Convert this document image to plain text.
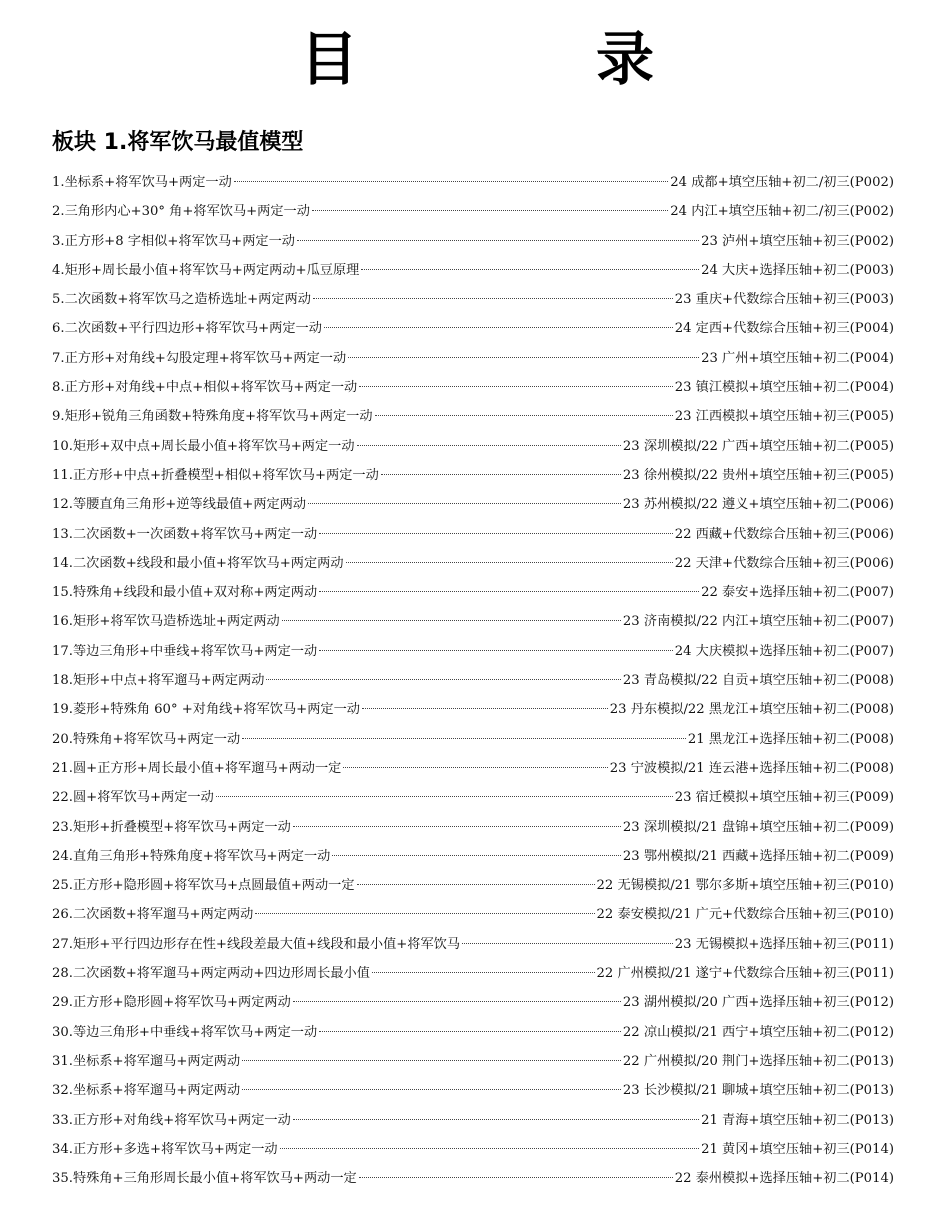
目	录
板块 1.将军饮马最值模型
1. 坐标系+将军饮马+两定一动	24 成都+填空压轴+初二/初三 (P002)
2. 三角形内心+30° 角+将军饮马+两定一动	24 内江+填空压轴+初二/初三 (P002)
3. 正方形+8 字相似+将军饮马+两定一动	23 泸州+填空压轴+初三 (P002)
4. 矩形+周长最小值+将军饮马+两定两动+瓜豆原理	24 大庆+选择压轴+初二 (P003)
5. 二次函数+将军饮马之造桥选址+两定两动	23 重庆+代数综合压轴+初三 (P003)
6. 二次函数+平行四边形+将军饮马+两定一动	24 定西+代数综合压轴+初三 (P004)
7. 正方形+对角线+勾股定理+将军饮马+两定一动	23 广州+填空压轴+初二 (P004)
8. 正方形+对角线+中点+相似+将军饮马+两定一动	23 镇江模拟+填空压轴+初二 (P004)
9. 矩形+锐角三角函数+特殊角度+将军饮马+两定一动	23 江西模拟+填空压轴+初三 (P005)
10. 矩形+双中点+周长最小值+将军饮马+两定一动	23 深圳模拟/22 广西+填空压轴+初二 (P005)
11. 正方形+中点+折叠模型+相似+将军饮马+两定一动	23 徐州模拟/22 贵州+填空压轴+初三 (P005)
12. 等腰直角三角形+逆等线最值+两定两动	23 苏州模拟/22 遵义+填空压轴+初二 (P006)
13. 二次函数+一次函数+将军饮马+两定一动	22 西藏+代数综合压轴+初三 (P006)
14. 二次函数+线段和最小值+将军饮马+两定两动	22 天津+代数综合压轴+初三 (P006)
15. 特殊角+线段和最小值+双对称+两定两动	22 泰安+选择压轴+初二 (P007)
16. 矩形+将军饮马造桥选址+两定两动	23 济南模拟/22 内江+填空压轴+初二 (P007)
17. 等边三角形+中垂线+将军饮马+两定一动	24 大庆模拟+选择压轴+初二 (P007)
18. 矩形+中点+将军遛马+两定两动	23 青岛模拟/22 自贡+填空压轴+初二 (P008)
19. 菱形+特殊角 60° +对角线+将军饮马+两定一动	23 丹东模拟/22 黑龙江+填空压轴+初二 (P008)
20. 特殊角+将军饮马+两定一动	21 黑龙江+选择压轴+初二 (P008)
21. 圆+正方形+周长最小值+将军遛马+两动一定	23 宁波模拟/21 连云港+选择压轴+初二 (P008)
22. 圆+将军饮马+两定一动	23 宿迁模拟+填空压轴+初三 (P009)
23. 矩形+折叠模型+将军饮马+两定一动	23 深圳模拟/21 盘锦+填空压轴+初二 (P009)
24. 直角三角形+特殊角度+将军饮马+两定一动	23 鄂州模拟/21 西藏+选择压轴+初二 (P009)
25. 正方形+隐形圆+将军饮马+点圆最值+两动一定	22 无锡模拟/21 鄂尔多斯+填空压轴+初三 (P010)
26. 二次函数+将军遛马+两定两动	22 泰安模拟/21 广元+代数综合压轴+初三 (P010)
27. 矩形+平行四边形存在性+线段差最大值+线段和最小值+将军饮马	23 无锡模拟+选择压轴+初三 (P011)
28. 二次函数+将军遛马+两定两动+四边形周长最小值	22 广州模拟/21 遂宁+代数综合压轴+初三 (P011)
29. 正方形+隐形圆+将军饮马+两定两动	23 湖州模拟/20 广西+选择压轴+初三 (P012)
30. 等边三角形+中垂线+将军饮马+两定一动	22 凉山模拟/21 西宁+填空压轴+初二 (P012)
31. 坐标系+将军遛马+两定两动	22 广州模拟/20 荆门+选择压轴+初二 (P013)
32. 坐标系+将军遛马+两定两动	23 长沙模拟/21 聊城+填空压轴+初二 (P013)
33. 正方形+对角线+将军饮马+两定一动	21 青海+填空压轴+初二 (P013)
34. 正方形+多选+将军饮马+两定一动	21 黄冈+填空压轴+初三 (P014)
35. 特殊角+三角形周长最小值+将军饮马+两动一定	22 泰州模拟+选择压轴+初二 (P014)
